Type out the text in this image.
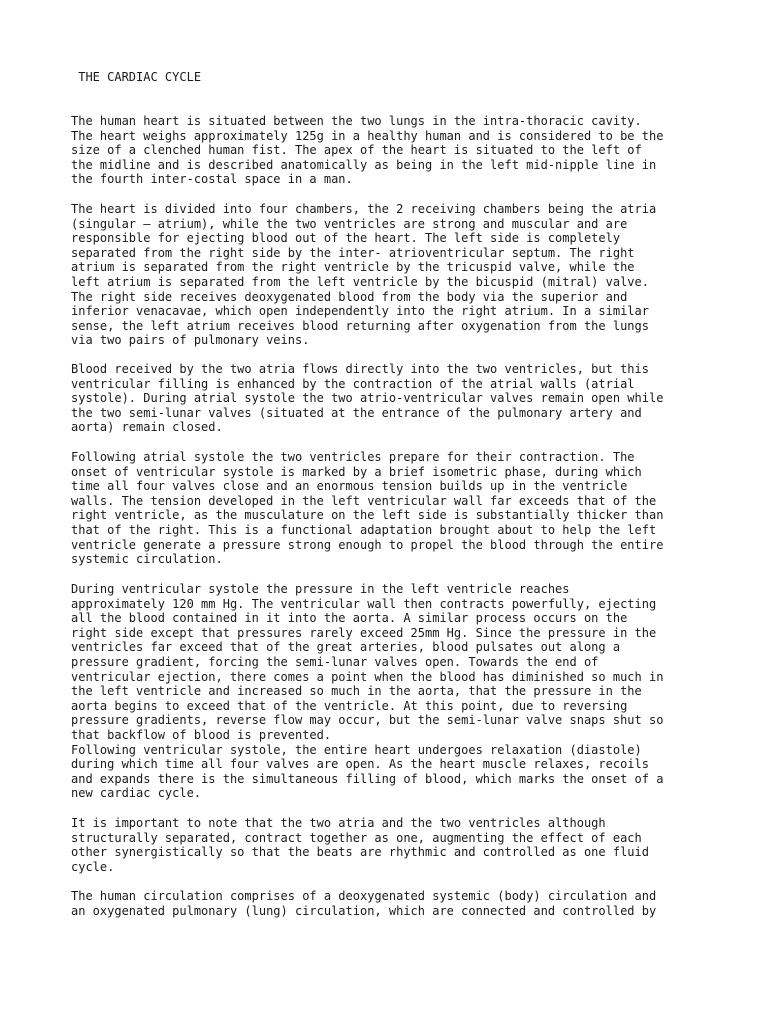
THE CARDIAC CYCLE

The human heart is situated between the two lungs in the intra-thoracic cavity.
The heart weighs approximately 125g in a healthy human and is considered to be the
size of a clenched human fist. The apex of the heart is situated to the left of
the midline and is described anatomically as being in the left mid-nipple line in
the fourth inter-costal space in a man.

The heart is divided into four chambers, the 2 receiving chambers being the atria
(singular – atrium), while the two ventricles are strong and muscular and are
responsible for ejecting blood out of the heart. The left side is completely
separated from the right side by the inter- atrioventricular septum. The right
atrium is separated from the right ventricle by the tricuspid valve, while the
left atrium is separated from the left ventricle by the bicuspid (mitral) valve.
The right side receives deoxygenated blood from the body via the superior and
inferior venacavae, which open independently into the right atrium. In a similar
sense, the left atrium receives blood returning after oxygenation from the lungs
via two pairs of pulmonary veins.

Blood received by the two atria flows directly into the two ventricles, but this
ventricular filling is enhanced by the contraction of the atrial walls (atrial
systole). During atrial systole the two atrio-ventricular valves remain open while
the two semi-lunar valves (situated at the entrance of the pulmonary artery and
aorta) remain closed.

Following atrial systole the two ventricles prepare for their contraction. The
onset of ventricular systole is marked by a brief isometric phase, during which
time all four valves close and an enormous tension builds up in the ventricle
walls. The tension developed in the left ventricular wall far exceeds that of the
right ventricle, as the musculature on the left side is substantially thicker than
that of the right. This is a functional adaptation brought about to help the left
ventricle generate a pressure strong enough to propel the blood through the entire
systemic circulation.

During ventricular systole the pressure in the left ventricle reaches
approximately 120 mm Hg. The ventricular wall then contracts powerfully, ejecting
all the blood contained in it into the aorta. A similar process occurs on the
right side except that pressures rarely exceed 25mm Hg. Since the pressure in the
ventricles far exceed that of the great arteries, blood pulsates out along a
pressure gradient, forcing the semi-lunar valves open. Towards the end of
ventricular ejection, there comes a point when the blood has diminished so much in
the left ventricle and increased so much in the aorta, that the pressure in the
aorta begins to exceed that of the ventricle. At this point, due to reversing
pressure gradients, reverse flow may occur, but the semi-lunar valve snaps shut so
that backflow of blood is prevented.
Following ventricular systole, the entire heart undergoes relaxation (diastole)
during which time all four valves are open. As the heart muscle relaxes, recoils
and expands there is the simultaneous filling of blood, which marks the onset of a
new cardiac cycle.

It is important to note that the two atria and the two ventricles although
structurally separated, contract together as one, augmenting the effect of each
other synergistically so that the beats are rhythmic and controlled as one fluid
cycle.

The human circulation comprises of a deoxygenated systemic (body) circulation and
an oxygenated pulmonary (lung) circulation, which are connected and controlled by
